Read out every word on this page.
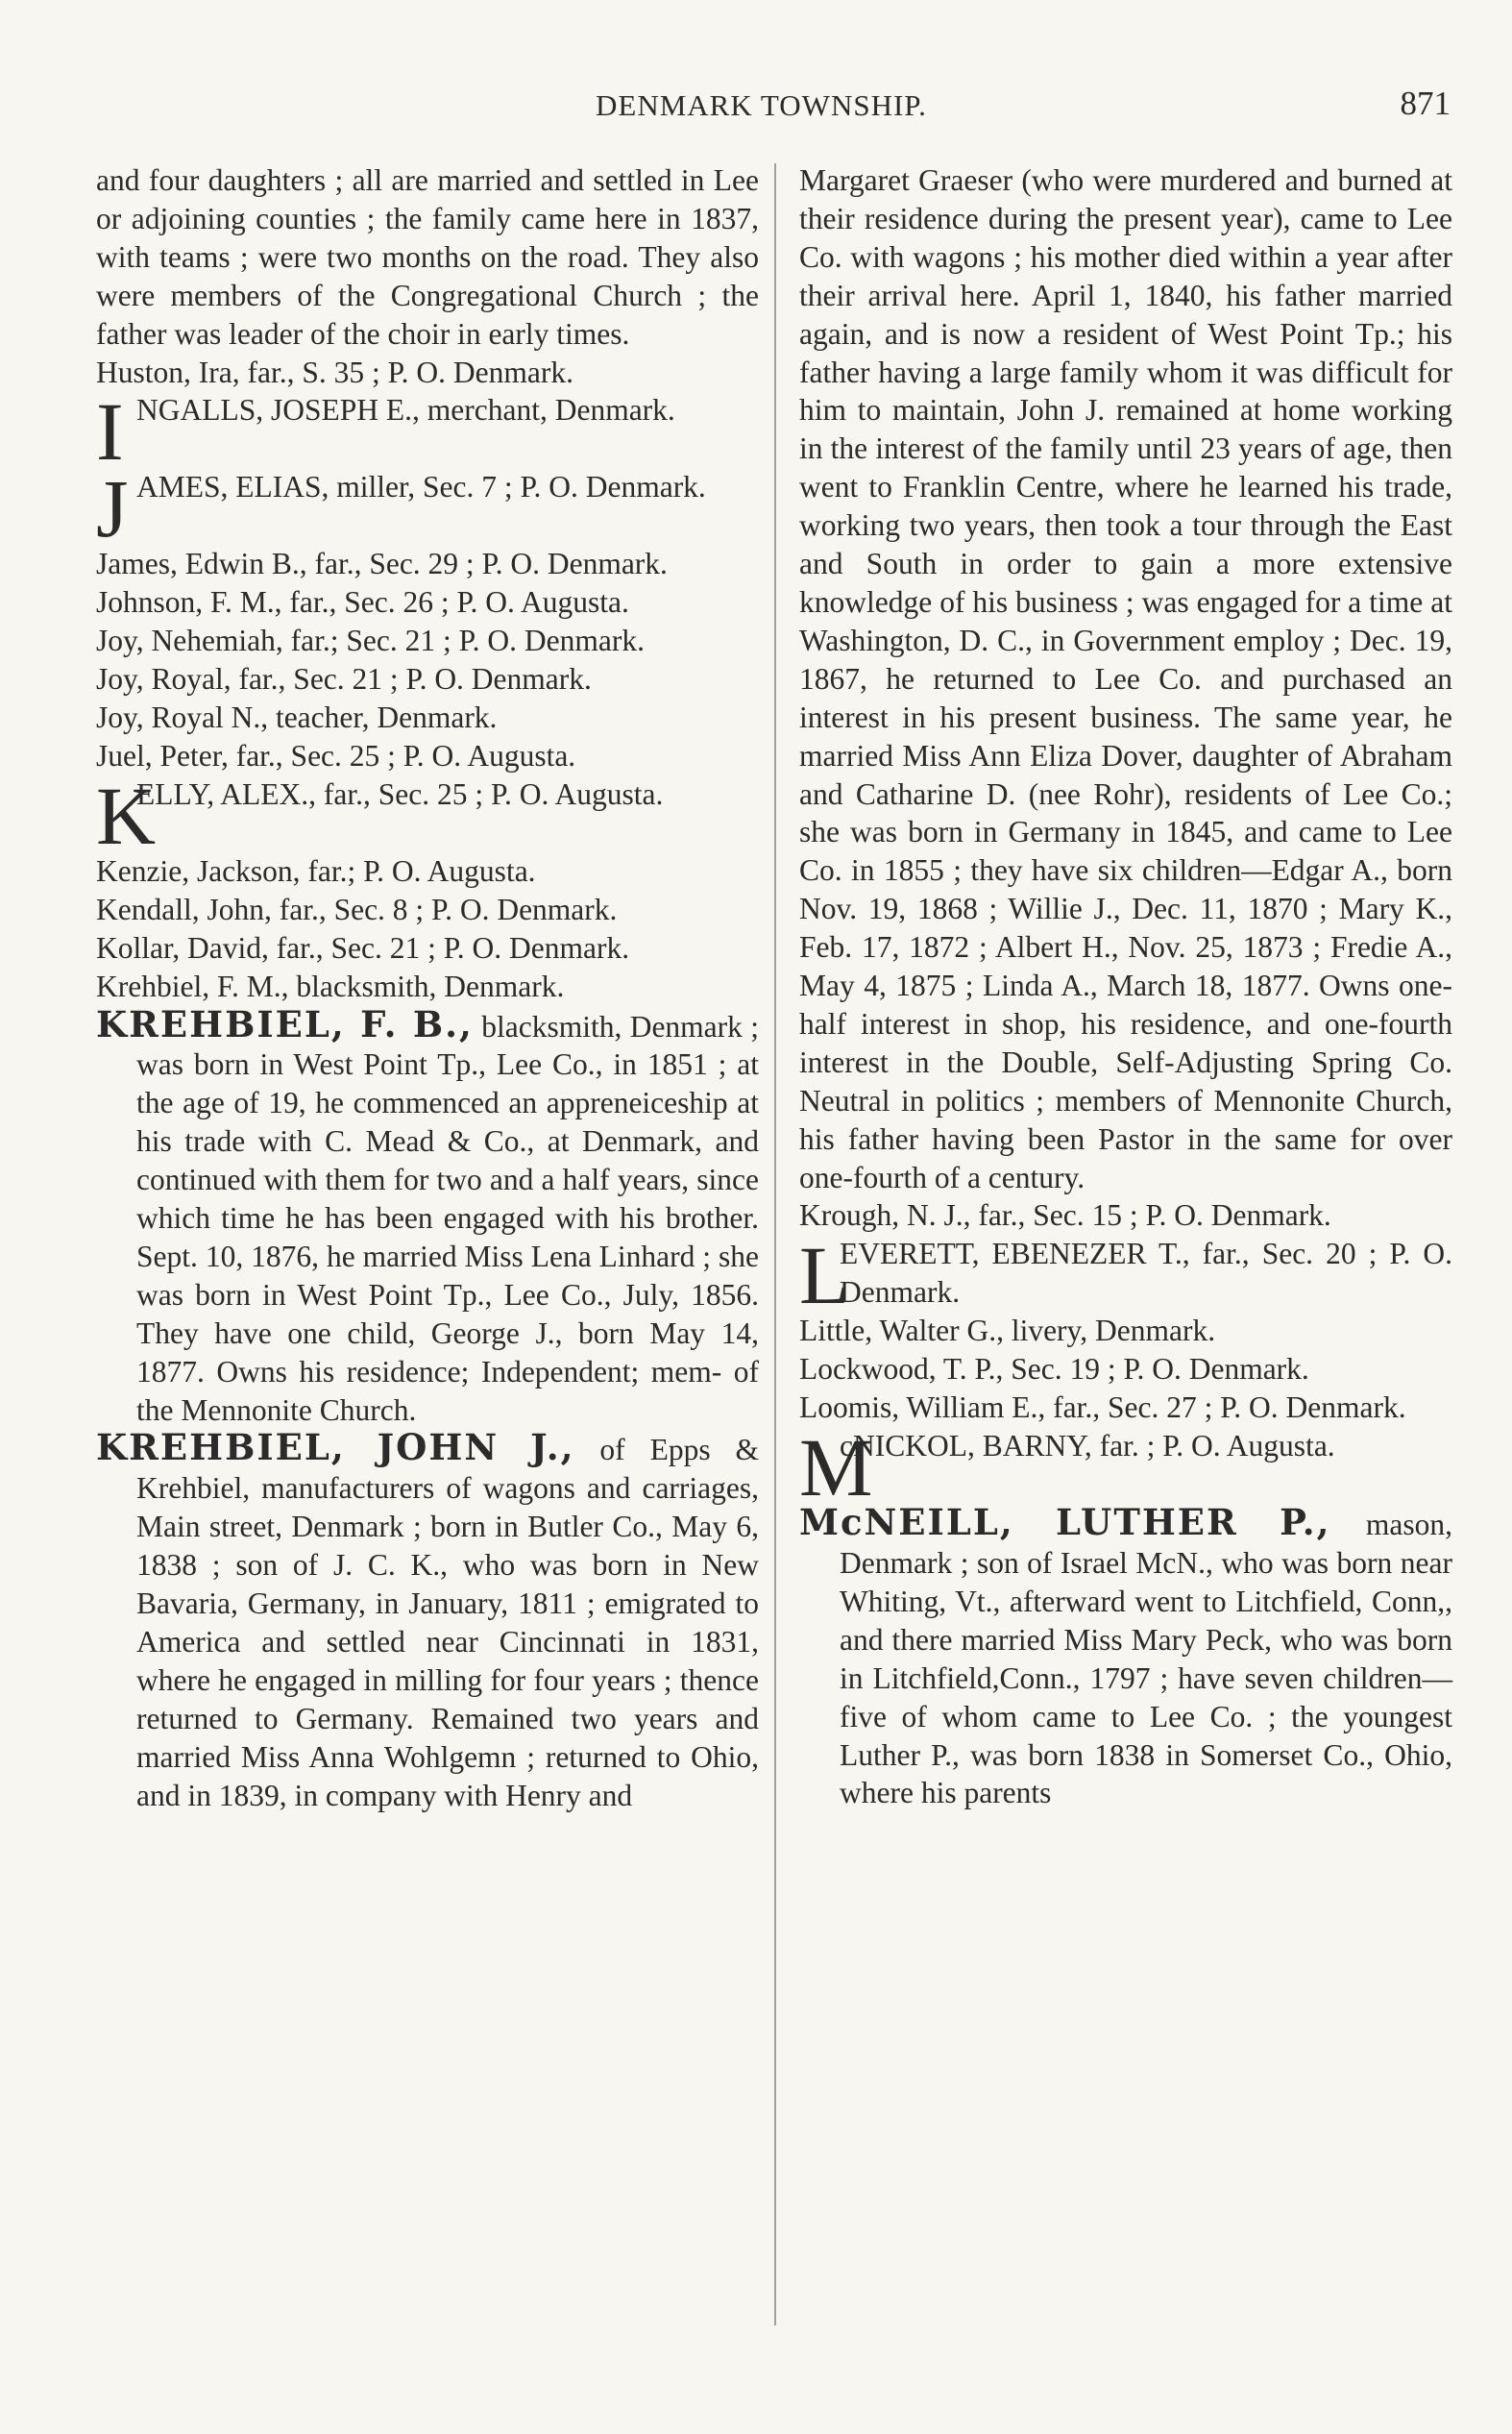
DENMARK TOWNSHIP.	871

and four daughters ; all are married and settled in Lee or adjoining counties ; the family came here in 1837, with teams ; were two months on the road. They also were members of the Congregational Church ; the father was leader of the choir in early times.

Huston, Ira, far., S. 35 ; P. O. Denmark.

I NGALLS, JOSEPH E., merchant, Denmark.
J AMES, ELIAS, miller, Sec. 7 ; P. O. Denmark.

James, Edwin B., far., Sec. 29 ; P. O. Denmark.

Johnson, F. M., far., Sec. 26 ; P. O. Augusta.

Joy, Nehemiah, far.; Sec. 21 ; P. O. Denmark.

Joy, Royal, far., Sec. 21 ; P. O. Denmark.

Joy, Royal N., teacher, Denmark.

Juel, Peter, far., Sec. 25 ; P. O. Augusta.

K
ELLY, ALEX., far., Sec. 25 ; P. O. Augusta.

Kenzie, Jackson, far.; P. O. Augusta.

Kendall, John, far., Sec. 8 ; P. O. Denmark.

Kollar, David, far., Sec. 21 ; P. O. Denmark.

Krehbiel, F. M., blacksmith, Denmark.

KREHBIEL, F. B., blacksmith, Denmark ; was born in West Point Tp., Lee Co., in 1851 ; at the age of 19, he commenced an appreneiceship at his trade with C. Mead & Co., at Denmark, and continued with them for two and a half years, since which time he has been engaged with his brother. Sept. 10, 1876, he married Miss Lena Linhard ; she was born in West Point Tp., Lee Co., July, 1856. They have one child, George J., born May 14, 1877. Owns his residence; Independent; mem- of the Mennonite Church.

KREHBIEL, JOHN J., of Epps & Krehbiel, manufacturers of wagons and carriages, Main street, Denmark ; born in Butler Co., May 6, 1838 ; son of J. C. K., who was born in New Bavaria, Germany, in January, 1811 ; emigrated to America and settled near Cincinnati in 1831, where he engaged in milling for four years ; thence returned to Germany. Remained two years and married Miss Anna Wohlgemn ; returned to Ohio, and in 1839, in company with Henry and

Margaret Graeser (who were murdered and burned at their residence during the present year), came to Lee Co. with wagons ; his mother died within a year after their arrival here. April 1, 1840, his father married again, and is now a resident of West Point Tp.; his father having a large family whom it was difficult for him to maintain, John J. remained at home working in the interest of the family until 23 years of age, then went to Franklin Centre, where he learned his trade, working two years, then took a tour through the East and South in order to gain a more extensive knowledge of his business ; was engaged for a time at Washington, D. C., in Government employ ; Dec. 19, 1867, he returned to Lee Co. and purchased an interest in his present business. The same year, he married Miss Ann Eliza Dover, daughter of Abraham and Catharine D. (nee Rohr), residents of Lee Co.; she was born in Germany in 1845, and came to Lee Co. in 1855 ; they have six children—Edgar A., born Nov. 19, 1868 ; Willie J., Dec. 11, 1870 ; Mary K., Feb. 17, 1872 ; Albert H., Nov. 25, 1873 ; Fredie A., May 4, 1875 ; Linda A., March 18, 1877. Owns one-half interest in shop, his residence, and one-fourth interest in the Double, Self-Adjusting Spring Co. Neutral in politics ; members of Mennonite Church, his father having been Pastor in the same for over one-fourth of a century.

Krough, N. J., far., Sec. 15 ; P. O. Denmark.

L
EVERETT, EBENEZER T., far., Sec. 20 ; P. O. Denmark.

Little, Walter G., livery, Denmark.

Lockwood, T. P., Sec. 19 ; P. O. Denmark.

Loomis, William E., far., Sec. 27 ; P. O. Denmark.

M
cNICKOL, BARNY, far. ; P. O. Augusta.

McNEILL, LUTHER P., mason, Denmark ; son of Israel McN., who was born near Whiting, Vt., afterward went to Litchfield, Conn,, and there married Miss Mary Peck, who was born in Litchfield,Conn., 1797 ; have seven children—five of whom came to Lee Co. ; the youngest Luther P., was born 1838 in Somerset Co., Ohio, where his parents
